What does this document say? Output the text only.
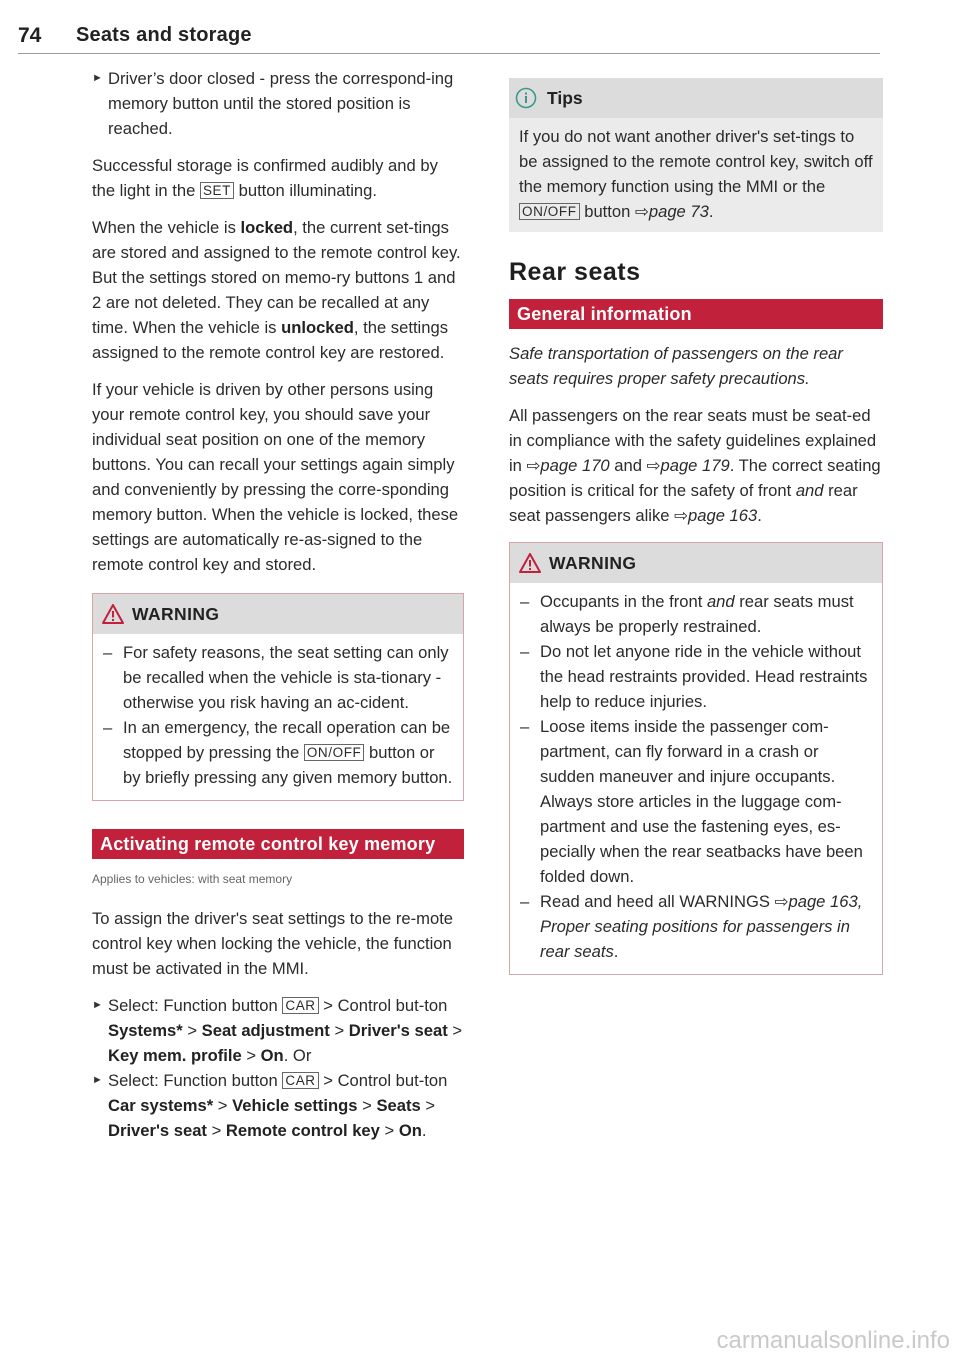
74 Seats and storage

► Driver’s door closed - press the correspond-ing memory button until the stored position is reached.

Successful storage is confirmed audibly and by the light in the SET button illuminating.

When the vehicle is locked, the current set-tings are stored and assigned to the remote control key. But the settings stored on memo-ry buttons 1 and 2 are not deleted. They can be recalled at any time. When the vehicle is unlocked, the settings assigned to the remote control key are restored.

If your vehicle is driven by other persons using your remote control key, you should save your individual seat position on one of the memory buttons. You can recall your settings again simply and conveniently by pressing the corre-sponding memory button. When the vehicle is locked, these settings are automatically re-as-signed to the remote control key and stored.

WARNING

– For safety reasons, the seat setting can only be recalled when the vehicle is sta-tionary - otherwise you risk having an ac-cident.

– In an emergency, the recall operation can be stopped by pressing the ON/OFF button or by briefly pressing any given memory button.

Activating remote control key memory

Applies to vehicles: with seat memory

To assign the driver's seat settings to the re-mote control key when locking the vehicle, the function must be activated in the MMI.

► Select: Function button CAR > Control but-ton Systems* > Seat adjustment > Driver's seat > Key mem. profile > On. Or

► Select: Function button CAR > Control but-ton Car systems* > Vehicle settings > Seats > Driver's seat > Remote control key > On.

Tips

If you do not want another driver's set-tings to be assigned to the remote control key, switch off the memory function using the MMI or the ON/OFF button ⇨page 73.

Rear seats
General information

Safe transportation of passengers on the rear seats requires proper safety precautions.

All passengers on the rear seats must be seat-ed in compliance with the safety guidelines explained in ⇨page 170 and ⇨page 179. The correct seating position is critical for the safety of front and rear seat passengers alike ⇨page 163.

WARNING

– Occupants in the front and rear seats must always be properly restrained.

– Do not let anyone ride in the vehicle without the head restraints provided. Head restraints help to reduce injuries.

– Loose items inside the passenger com-partment, can fly forward in a crash or sudden maneuver and injure occupants. Always store articles in the luggage com-partment and use the fastening eyes, es-pecially when the rear seatbacks have been folded down.

– Read and heed all WARNINGS ⇨page 163, Proper seating positions for passengers in rear seats.

carmanualsonline.info
